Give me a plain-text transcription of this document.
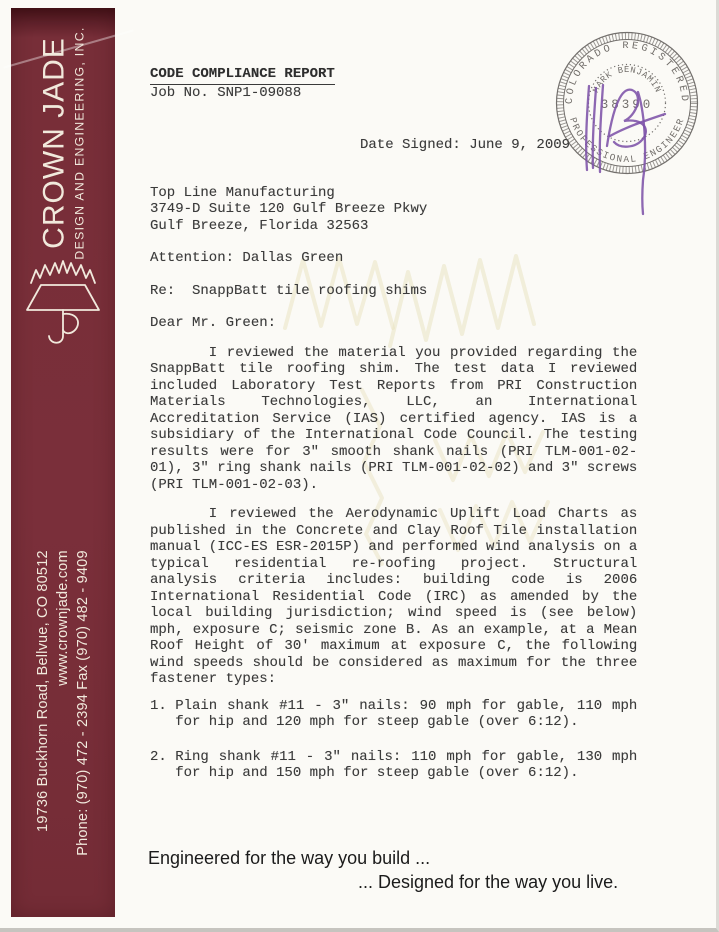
CROWN JADE DESIGN AND ENGINEERING, INC.
19736 Buckhorn Road, Bellvue, CO 80512 www.crownjade.com Phone: (970) 472 - 2394 Fax (970) 482 - 9409
CODE COMPLIANCE REPORT
Job No. SNP1-09088
Date Signed: June 9, 2009
Top Line Manufacturing
3749-D Suite 120 Gulf Breeze Pkwy
Gulf Breeze, Florida 32563
Attention: Dallas Green
Re:  SnappBatt tile roofing shims
Dear Mr. Green:

I reviewed the material you provided regarding the SnappBatt tile roofing shim. The test data I reviewed included Laboratory Test Reports from PRI Construction Materials Technologies, LLC, an International Accreditation Service (IAS) certified agency. IAS is a subsidiary of the International Code Council. The testing results were for 3" smooth shank nails (PRI TLM-001-02-01), 3" ring shank nails (PRI TLM-001-02-02) and 3" screws (PRI TLM-001-02-03).

I reviewed the Aerodynamic Uplift Load Charts as published in the Concrete and Clay Roof Tile installation manual (ICC-ES ESR-2015P) and performed wind analysis on a typical residential re-roofing project. Structural analysis criteria includes: building code is 2006 International Residential Code (IRC) as amended by the local building jurisdiction; wind speed is (see below) mph, exposure C; seismic zone B. As an example, at a Mean Roof Height of 30' maximum at exposure C, the following wind speeds should be considered as maximum for the three fastener types:

1. Plain shank #11 - 3" nails: 90 mph for gable, 110 mph for hip and 120 mph for steep gable (over 6:12).
2. Ring shank #11 - 3" nails: 110 mph for gable, 130 mph for hip and 150 mph for steep gable (over 6:12).
COLORADO REGISTERED
PROFESSIONAL ENGINEER
MARK BENJAMIN
38390
Engineered for the way you build ...
... Designed for the way you live.
